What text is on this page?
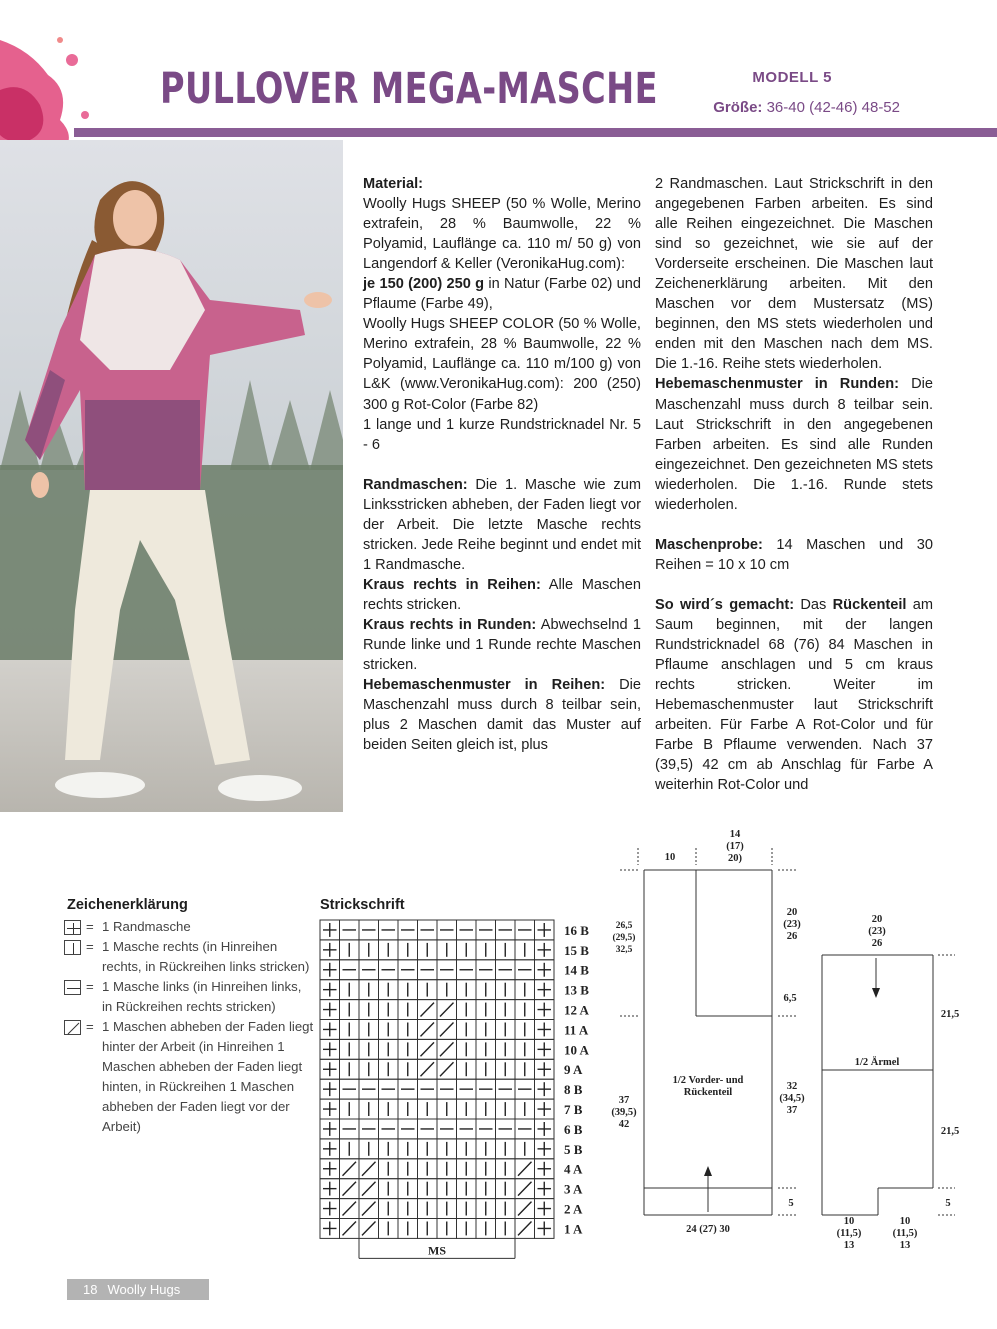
PULLOVER MEGA-MASCHE	MODELL 5
Größe: 36-40 (42-46) 48-52

Material:

Woolly Hugs SHEEP (50 % Wolle, Merino extrafein, 28 % Baumwolle, 22 % Polyamid, Lauflänge ca. 110 m/ 50 g) von Langendorf & Keller (VeronikaHug.com):

je 150 (200) 250 g in Natur (Farbe 02) und Pflaume (Farbe 49),

Woolly Hugs SHEEP COLOR (50 % Wolle, Merino extrafein, 28 % Baumwolle, 22 % Polyamid, Lauflänge ca. 110 m/100 g) von L&K (www.VeronikaHug.com): 200 (250) 300 g Rot-Color (Farbe 82)

1 lange und 1 kurze Rundstricknadel Nr. 5 - 6

Randmaschen: Die 1. Masche wie zum Linksstricken abheben, der Faden liegt vor der Arbeit. Die letzte Masche rechts stricken. Jede Reihe beginnt und endet mit 1 Randmasche.

Kraus rechts in Reihen: Alle Maschen rechts stricken.

Kraus rechts in Runden: Abwechselnd 1 Runde linke und 1 Runde rechte Maschen stricken.

Hebemaschenmuster in Reihen: Die Maschenzahl muss durch 8 teilbar sein, plus 2 Maschen damit das Muster auf beiden Seiten gleich ist, plus

2 Randmaschen. Laut Strickschrift in den angegebenen Farben arbeiten. Es sind alle Reihen eingezeichnet. Die Maschen sind so gezeichnet, wie sie auf der Vorderseite erscheinen. Die Maschen laut Zeichenerklärung arbeiten. Mit den Maschen vor dem Mustersatz (MS) beginnen, den MS stets wiederholen und enden mit den Maschen nach dem MS. Die 1.-16. Reihe stets wiederholen.

Hebemaschenmuster in Runden: Die Maschenzahl muss durch 8 teilbar sein. Laut Strickschrift in den angegebenen Farben arbeiten. Es sind alle Runden eingezeichnet. Den gezeichneten MS stets wiederholen. Die 1.-16. Runde stets wiederholen.

Maschenprobe: 14 Maschen und 30 Reihen = 10 x 10 cm

So wird´s gemacht: Das Rückenteil am Saum beginnen, mit der langen Rundstricknadel 68 (76) 84 Maschen in Pflaume anschlagen und 5 cm kraus rechts stricken. Weiter im Hebemaschenmuster laut Strickschrift arbeiten. Für Farbe A Rot-Color und für Farbe B Pflaume verwenden. Nach 37 (39,5) 42 cm ab Anschlag für Farbe A weiterhin Rot-Color und

Zeichenerklärung
= 1 Randmasche
= 1 Masche rechts (in Hinreihen rechts, in Rückreihen links stricken)
= 1 Masche links (in Hinreihen links, in Rückreihen rechts stricken)
= 1 Maschen abheben der Faden liegt hinter der Arbeit (in Hinreihen 1 Maschen abheben der Faden liegt hinten, in Rückreihen 1 Maschen abheben der Faden liegt vor der Arbeit)
Strickschrift
16 B
15 B
14 B
13 B
12 A
11 A
10 A
9 A
8 B
7 B
6 B
5 B
4 A
3 A
2 A
1 A
MS
10
14 (17) 20)
1/2 Vorder- und Rückenteil
24 (27) 30
26,5 (29,5) 32,5
37 (39,5) 42
20 (23) 26
6,5
32 (34,5) 37
5
20 (23) 26
1/2 Ärmel
21,5
21,5
5
10 (11,5) 13
10 (11,5) 13
18 Woolly Hugs
